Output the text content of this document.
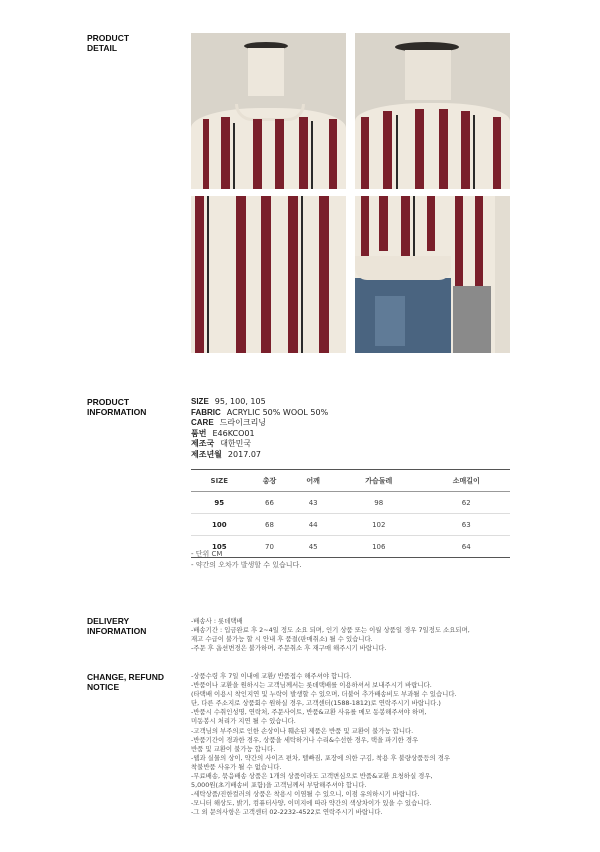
PRODUCT
DETAIL
PRODUCT
INFORMATION
DELIVERY
INFORMATION
CHANGE, REFUND
NOTICE
SIZE 95, 100, 105
FABRIC ACRYLIC 50% WOOL 50%
CARE 드라이크리닝
품번 E46KCO01
제조국 대한민국
제조년월 2017.07
SIZE	총장	어깨	가슴둘레	소매길이
95	66	43	98	62
100	68	44	102	63
105	70	45	106	64
- 단위 CM
- 약간의 오차가 발생할 수 있습니다.
-배송사 : 롯데택배
-배송기간 : 입금완료 후 2~4일 정도 소요 되며, 인기 상품 또는 이월 상품일 경우 7일정도 소요되며,
재고 수급이 불가능 할 시 안내 후 품절(판매취소) 될 수 있습니다.
-주문 후 옵션변경은 불가하며, 주문취소 후 재구매 해주시기 바랍니다.
-상품수령 후 7일 이내에 교환/ 반품접수 해주셔야 합니다.
-반품이나 교환을 원하시는 고객님께서는 롯데택배를 이용하셔서 보내주시기 바랍니다.
(타택배 이용시 착인지연 및 누락이 발생할 수 있으며, 더불어 추가배송비도 부과될 수 있습니다.
단, 다른 주소지로 상품회수 원하실 경우, 고객센터(1588-1812)로 연락주시기 바랍니다.)
-반품시 수취인성명, 연락처, 주문사이트, 반품&교환 사유를 메모 동봉해주셔야 하며,
미동봉시 처리가 지연 될 수 있습니다.
-고객님의 부주의로 인한 손상이나 훼손된 제품은 반품 및 교환이 불가능 합니다.
-반품기간이 경과한 경우, 상품을 세탁하거나 수리&수선한 경우, 택을 파기한 경우
반품 및 교환이 불가능 합니다.
-웹과 실물의 상이, 약간의 사이즈 편차, 텔빠짐, 포장에 의한 구김, 착용 후 불량상품등의 경우
착불반품 사유가 될 수 없습니다.
-무료배송, 묶음배송 상품은 1개의 상품이라도 고객변심으로 반품&교환 요청하실 경우,
5,000원(초기배송비 포함)을 고객님께서 부담해주셔야 합니다.
-세탁상품/진한컬러의 상품은 착용시 이염될 수 있으니, 이점 유의하시기 바랍니다.
-모니터 해상도, 밝기, 컴퓨터사양, 이미지에 따라 약간의 색상차이가 있을 수 있습니다.
-그 외 문의사항은 고객센터 02-2232-4522로 연락주시기 바랍니다.
